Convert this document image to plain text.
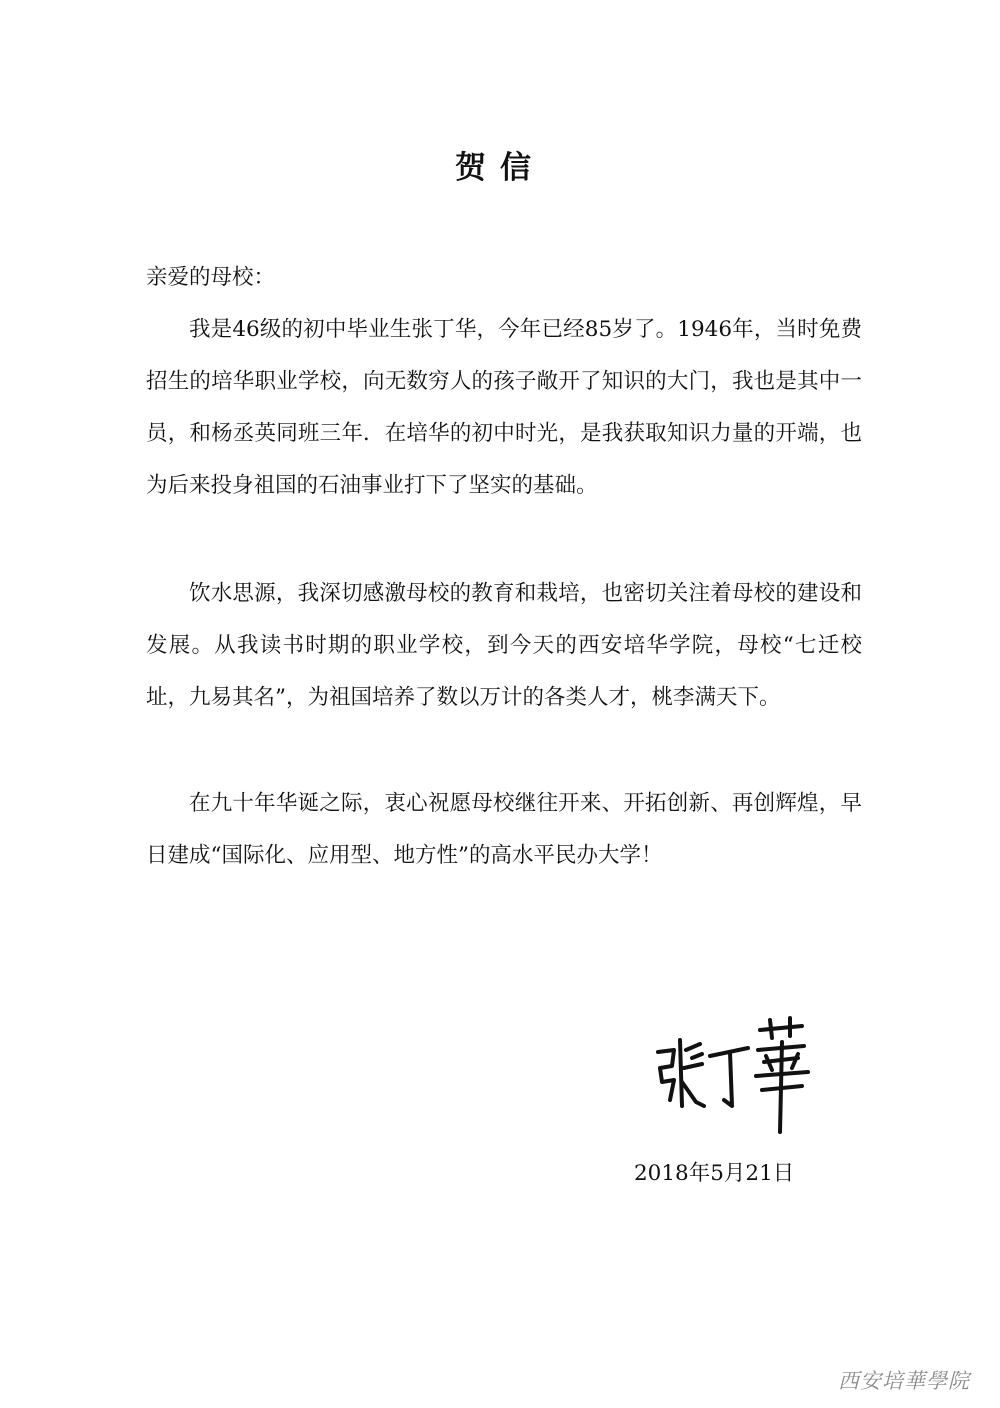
贺信
亲爱的母校：

我是46级的初中毕业生张丁华，今年已经85岁了。1946年，当时免费招生的培华职业学校，向无数穷人的孩子敞开了知识的大门，我也是其中一员，和杨丞英同班三年．在培华的初中时光，是我获取知识力量的开端，也为后来投身祖国的石油事业打下了坚实的基础。

饮水思源，我深切感激母校的教育和栽培，也密切关注着母校的建设和发展。从我读书时期的职业学校，到今天的西安培华学院，母校“七迁校址，九易其名”，为祖国培养了数以万计的各类人才，桃李满天下。

在九十年华诞之际，衷心祝愿母校继往开来、开拓创新、再创辉煌，早日建成“国际化、应用型、地方性”的高水平民办大学！

2018年5月21日
西安培華學院
